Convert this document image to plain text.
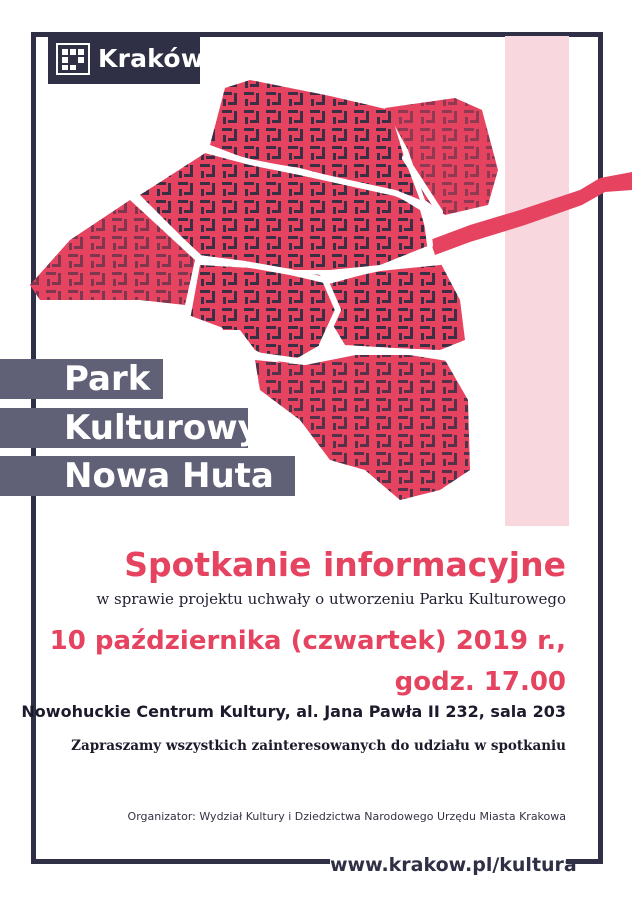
Kraków
Park
Kulturowy
Nowa Huta
Spotkanie informacyjne
w sprawie projektu uchwały o utworzeniu Parku Kulturowego
10 października (czwartek) 2019 r.,
godz. 17.00
Nowohuckie Centrum Kultury, al. Jana Pawła II 232, sala 203
Zapraszamy wszystkich zainteresowanych do udziału w spotkaniu
Organizator: Wydział Kultury i Dziedzictwa Narodowego Urzędu Miasta Krakowa
www.krakow.pl/kultura
